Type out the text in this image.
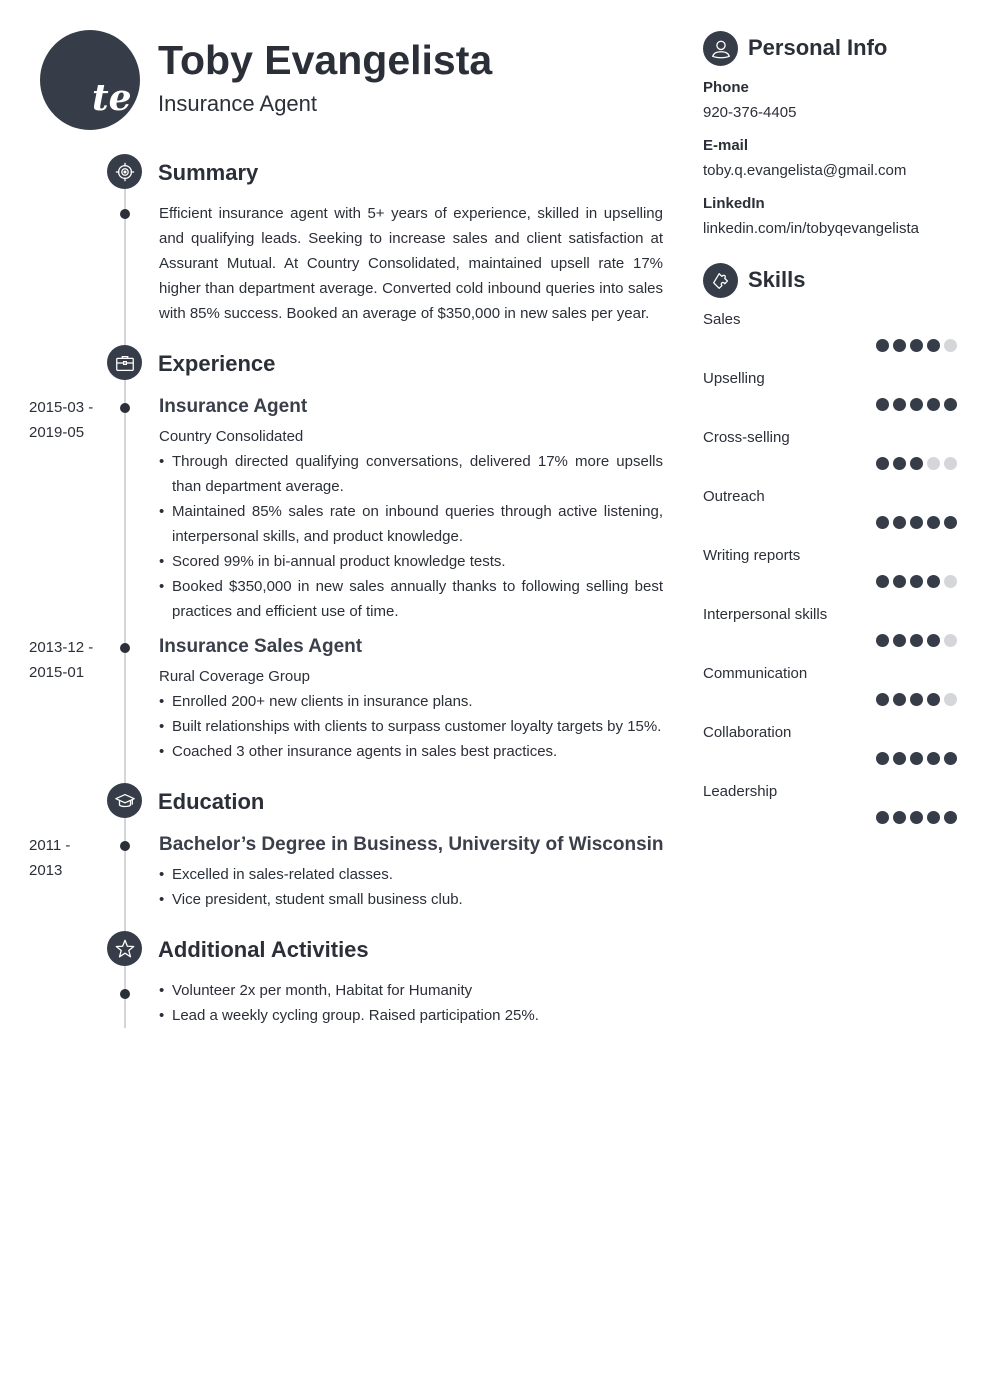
te
Toby Evangelista
Insurance Agent
Summary
Efficient insurance agent with 5+ years of experience, skilled in upselling and qualifying leads. Seeking to increase sales and client satisfaction at Assurant Mutual. At Country Consolidated, maintained upsell rate 17% higher than department average. Converted cold inbound queries into sales with 85% success. Booked an average of $350,000 in new sales per year.
Experience
2015-03 -
2019-05
Insurance Agent
Country Consolidated
• Through directed qualifying conversations, delivered 17% more upsells than department average.
• Maintained 85% sales rate on inbound queries through active listening, interpersonal skills, and product knowledge.
• Scored 99% in bi-annual product knowledge tests.
• Booked $350,000 in new sales annually thanks to following selling best practices and efficient use of time.
2013-12 -
2015-01
Insurance Sales Agent
Rural Coverage Group
• Enrolled 200+ new clients in insurance plans.
• Built relationships with clients to surpass customer loyalty targets by 15%.
• Coached 3 other insurance agents in sales best practices.
Education
2011 -
2013
Bachelor’s Degree in Business, University of Wisconsin
• Excelled in sales-related classes.
• Vice president, student small business club.
Additional Activities
• Volunteer 2x per month, Habitat for Humanity
• Lead a weekly cycling group. Raised participation 25%.
Personal Info
Phone
920-376-4405
E-mail
toby.q.evangelista@gmail.com
LinkedIn
linkedin.com/in/tobyqevangelista
Skills
Sales
Upselling
Cross-selling
Outreach
Writing reports
Interpersonal skills
Communication
Collaboration
Leadership
